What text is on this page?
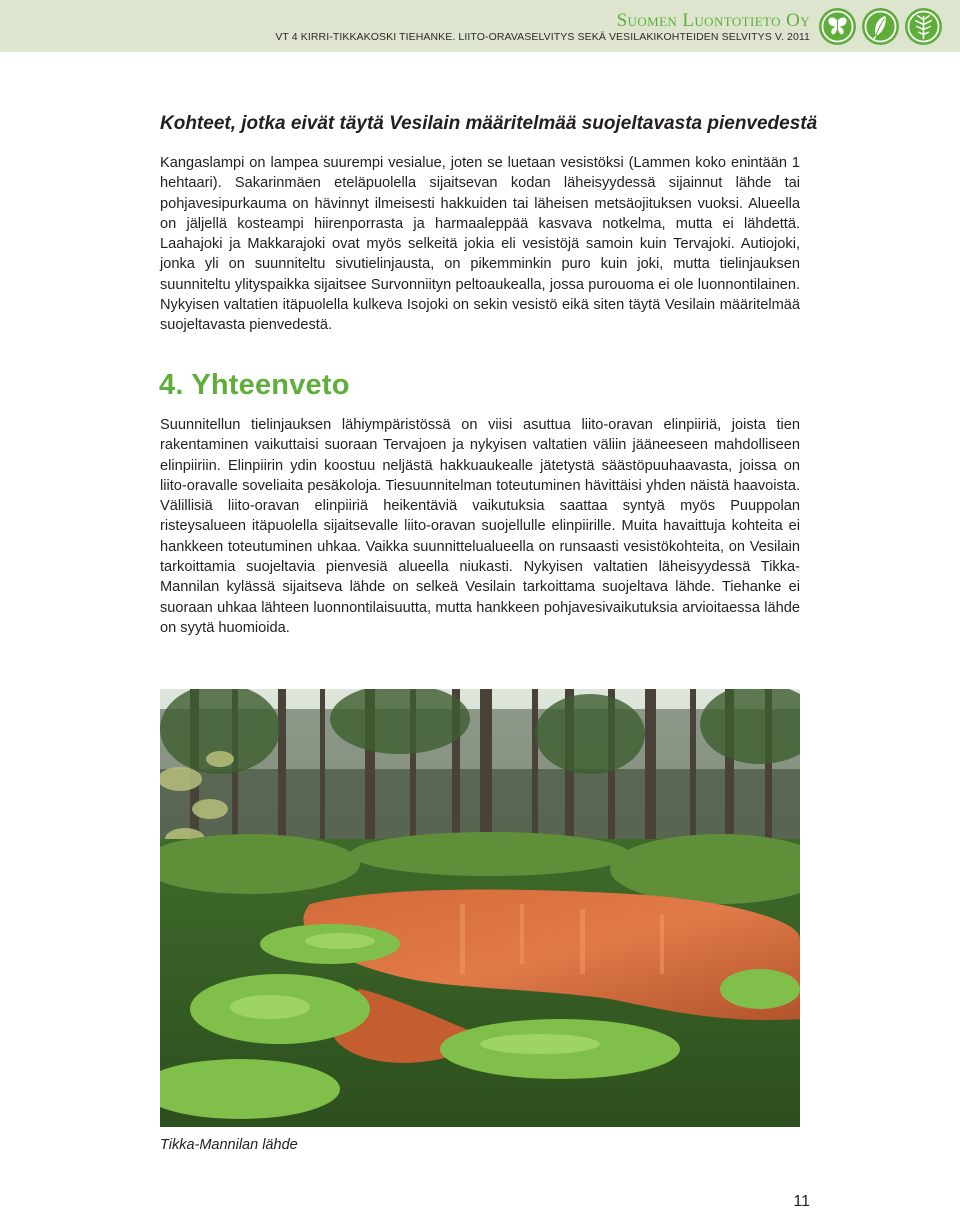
Suomen Luontotieto Oy
VT 4 KIRRI-TIKKAKOSKI TIEHANKE. LIITO-ORAVASELVITYS SEKÄ VESILAKIKOHTEIDEN SELVITYS V. 2011
Kohteet, jotka eivät täytä Vesilain määritelmää suojeltavasta pienvedestä

Kangaslampi on lampea suurempi vesialue, joten se luetaan vesistöksi (Lammen koko enintään 1 hehtaari). Sakarinmäen eteläpuolella sijaitsevan kodan läheisyydessä sijainnut lähde tai pohjavesipurkauma on hävinnyt ilmeisesti hakkuiden tai läheisen metsäojituksen vuoksi. Alueella on jäljellä kosteampi hiirenporrasta ja harmaaleppää kasvava notkelma, mutta ei lähdettä. Laahajoki ja Makkarajoki ovat myös selkeitä jokia eli vesistöjä samoin kuin Tervajoki. Autiojoki, jonka yli on suunniteltu sivutielinjausta, on pikemminkin puro kuin joki, mutta tielinjauksen suunniteltu ylityspaikka sijaitsee Survonniityn peltoaukealla, jossa purouoma ei ole luonnontilainen. Nykyisen valtatien itäpuolella kulkeva Isojoki on sekin vesistö eikä siten täytä Vesilain määritelmää suojeltavasta pienvedestä.

4. Yhteenveto

Suunnitellun tielinjauksen lähiympäristössä on viisi asuttua liito-oravan elinpiiriä, joista tien rakentaminen vaikuttaisi suoraan Tervajoen ja nykyisen valtatien väliin jääneeseen mahdolliseen elinpiiriin. Elinpiirin ydin koostuu neljästä hakkuaukealle jätetystä säästöpuuhaavasta, joissa on liito-oravalle soveliaita pesäkoloja. Tiesuunnitelman toteutuminen hävittäisi yhden näistä haavoista. Välillisiä liito-oravan elinpiiriä heikentäviä vaikutuksia saattaa syntyä myös Puuppolan risteysalueen itäpuolella sijaitsevalle liito-oravan suojellulle elinpiirille. Muita havaittuja kohteita ei hankkeen toteutuminen uhkaa. Vaikka suunnittelualueella on runsaasti vesistökohteita, on Vesilain tarkoittamia suojeltavia pienvesiä alueella niukasti. Nykyisen valtatien läheisyydessä Tikka-Mannilan kylässä sijaitseva lähde on selkeä Vesilain tarkoittama suojeltava lähde. Tiehanke ei suoraan uhkaa lähteen luonnontilaisuutta, mutta hankkeen pohjavesivaikutuksia arvioitaessa lähde on syytä huomioida.

Tikka-Mannilan lähde
11
